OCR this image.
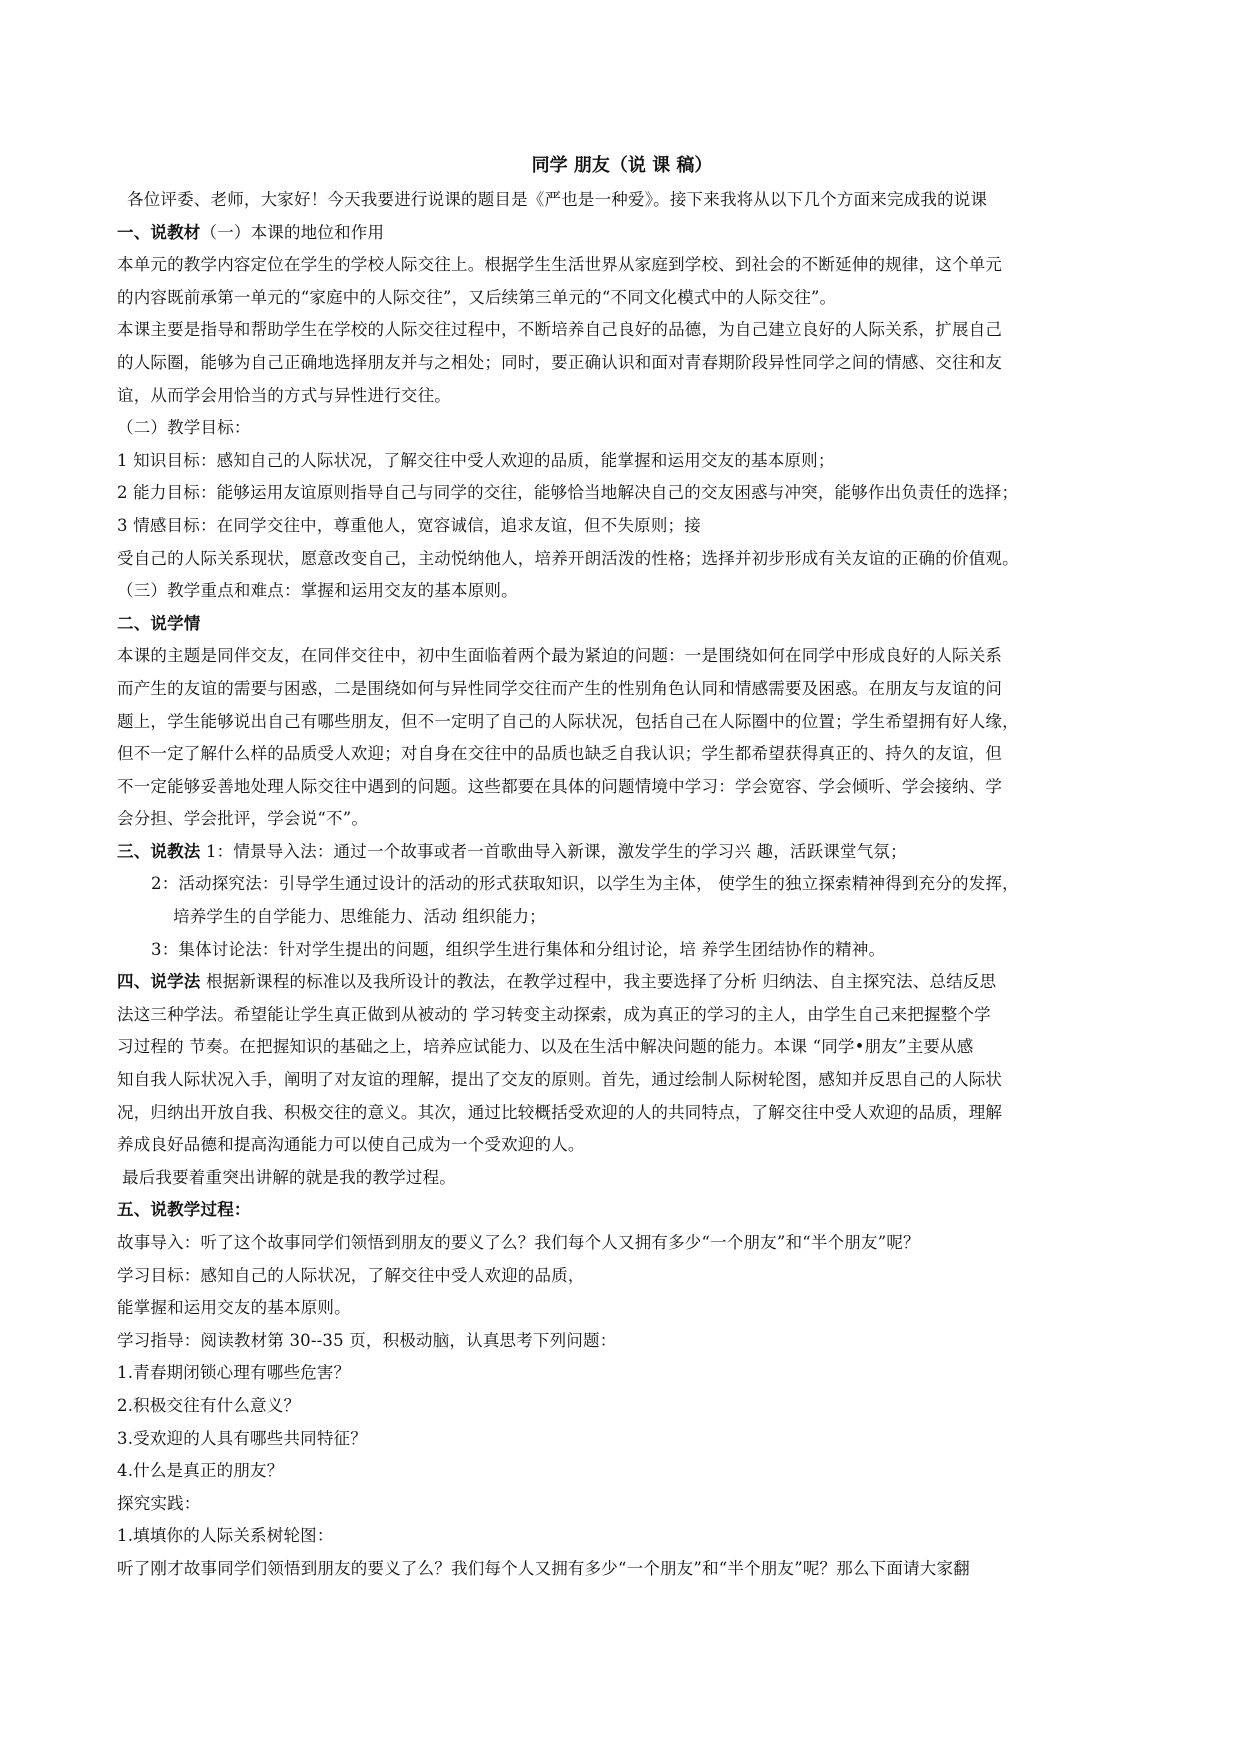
同学 朋友（说 课 稿）

各位评委、老师，大家好！今天我要进行说课的题目是《严也是一种爱》。接下来我将从以下几个方面来完成我的说课

一、说教材（一）本课的地位和作用

本单元的教学内容定位在学生的学校人际交往上。根据学生生活世界从家庭到学校、到社会的不断延伸的规律，这个单元

的内容既前承第一单元的“家庭中的人际交往”，又后续第三单元的“不同文化模式中的人际交往”。

本课主要是指导和帮助学生在学校的人际交往过程中，不断培养自己良好的品德，为自己建立良好的人际关系，扩展自己

的人际圈，能够为自己正确地选择朋友并与之相处；同时，要正确认识和面对青春期阶段异性同学之间的情感、交往和友

谊，从而学会用恰当的方式与异性进行交往。

（二）教学目标：

1 知识目标：感知自己的人际状况，了解交往中受人欢迎的品质，能掌握和运用交友的基本原则；

2 能力目标：能够运用友谊原则指导自己与同学的交往，能够恰当地解决自己的交友困惑与冲突，能够作出负责任的选择；

3 情感目标：在同学交往中，尊重他人，宽容诚信，追求友谊，但不失原则；接

受自己的人际关系现状，愿意改变自己，主动悦纳他人，培养开朗活泼的性格；选择并初步形成有关友谊的正确的价值观。

（三）教学重点和难点：掌握和运用交友的基本原则。

二、说学情

本课的主题是同伴交友，在同伴交往中，初中生面临着两个最为紧迫的问题：一是围绕如何在同学中形成良好的人际关系

而产生的友谊的需要与困惑，二是围绕如何与异性同学交往而产生的性别角色认同和情感需要及困惑。在朋友与友谊的问

题上，学生能够说出自己有哪些朋友，但不一定明了自己的人际状况，包括自己在人际圈中的位置；学生希望拥有好人缘，

但不一定了解什么样的品质受人欢迎；对自身在交往中的品质也缺乏自我认识；学生都希望获得真正的、持久的友谊，但

不一定能够妥善地处理人际交往中遇到的问题。这些都要在具体的问题情境中学习：学会宽容、学会倾听、学会接纳、学

会分担、学会批评，学会说“不”。

三、说教法 1：情景导入法：通过一个故事或者一首歌曲导入新课，激发学生的学习兴 趣，活跃课堂气氛；

2：活动探究法：引导学生通过设计的活动的形式获取知识，以学生为主体， 使学生的独立探索精神得到充分的发挥，

培养学生的自学能力、思维能力、活动 组织能力；

3：集体讨论法：针对学生提出的问题，组织学生进行集体和分组讨论，培 养学生团结协作的精神。

四、说学法 根据新课程的标准以及我所设计的教法，在教学过程中，我主要选择了分析 归纳法、自主探究法、总结反思

法这三种学法。希望能让学生真正做到从被动的 学习转变主动探索，成为真正的学习的主人，由学生自己来把握整个学

习过程的 节奏。在把握知识的基础之上，培养应试能力、以及在生活中解决问题的能力。本课 “同学•朋友”主要从感

知自我人际状况入手，阐明了对友谊的理解，提出了交友的原则。首先，通过绘制人际树轮图，感知并反思自己的人际状

况，归纳出开放自我、积极交往的意义。其次，通过比较概括受欢迎的人的共同特点，了解交往中受人欢迎的品质，理解

养成良好品德和提高沟通能力可以使自己成为一个受欢迎的人。

最后我要着重突出讲解的就是我的教学过程。

五、说教学过程：

故事导入：听了这个故事同学们领悟到朋友的要义了么？我们每个人又拥有多少“一个朋友”和“半个朋友”呢？

学习目标：感知自己的人际状况，了解交往中受人欢迎的品质，

能掌握和运用交友的基本原则。

学习指导：阅读教材第 30--35 页，积极动脑，认真思考下列问题：

1.青春期闭锁心理有哪些危害？

2.积极交往有什么意义？

3.受欢迎的人具有哪些共同特征？

4.什么是真正的朋友？

探究实践：

1.填填你的人际关系树轮图：

听了刚才故事同学们领悟到朋友的要义了么？我们每个人又拥有多少“一个朋友”和“半个朋友”呢？那么下面请大家翻
